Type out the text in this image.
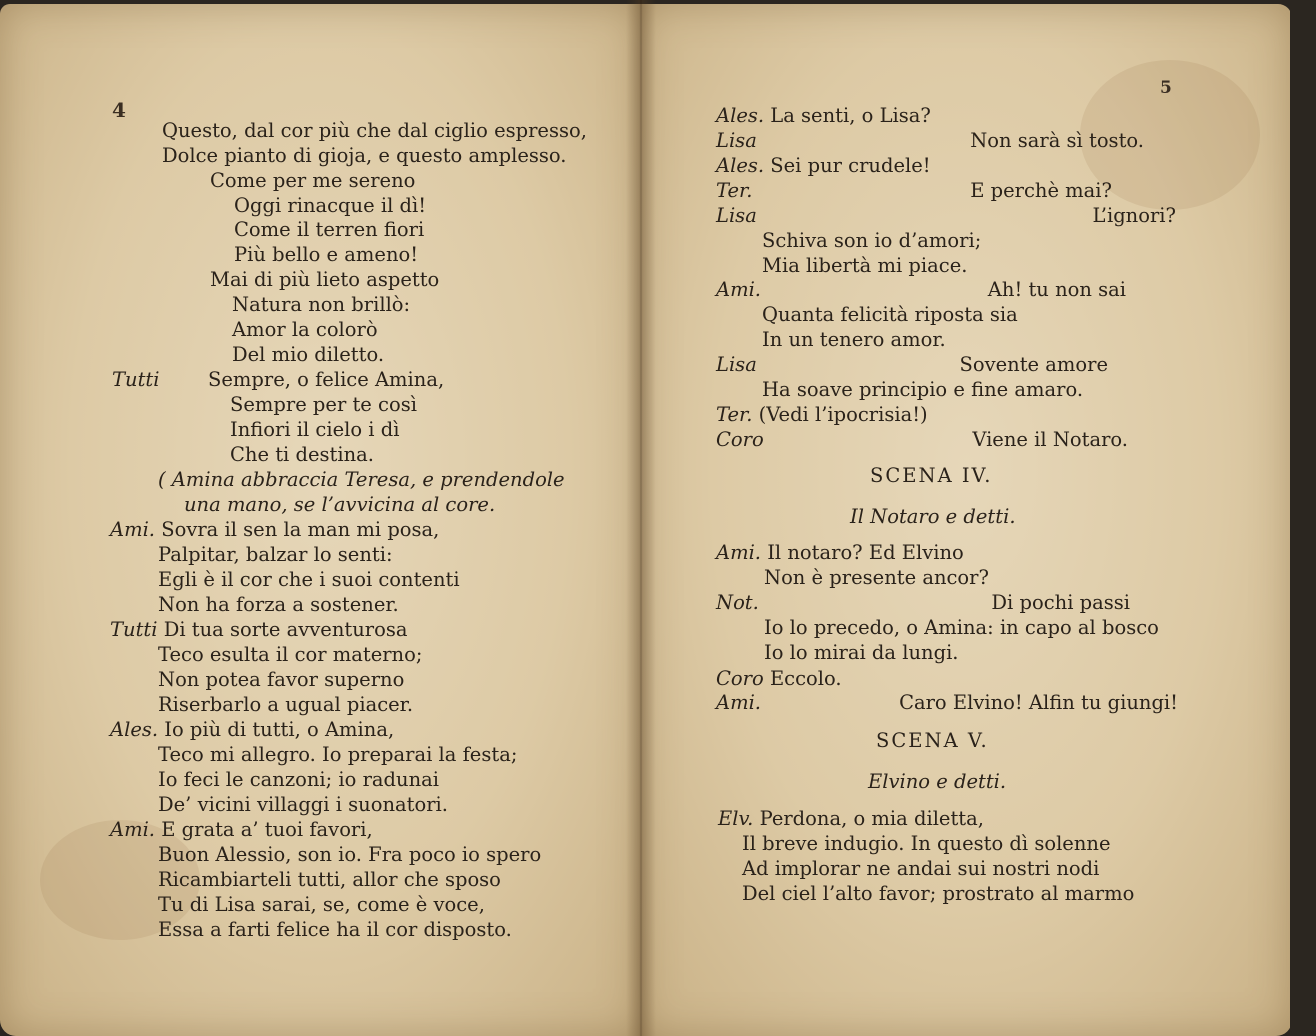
4
Questo, dal cor più che dal ciglio espresso,
Dolce pianto di gioja, e questo amplesso.
Come per me sereno
Oggi rinacque il dì!
Come il terren fiori
Più bello e ameno!
Mai di più lieto aspetto
Natura non brillò:
Amor la colorò
Del mio diletto.
Tutti Sempre, o felice Amina,
Sempre per te così
Infiori il cielo i dì
Che ti destina.
( Amina abbraccia Teresa, e prendendole
una mano, se l’avvicina al core.
Ami. Sovra il sen la man mi posa,
Palpitar, balzar lo senti:
Egli è il cor che i suoi contenti
Non ha forza a sostener.
Tutti Di tua sorte avventurosa
Teco esulta il cor materno;
Non potea favor superno
Riserbarlo a ugual piacer.
Ales. Io più di tutti, o Amina,
Teco mi allegro. Io preparai la festa;
Io feci le canzoni; io radunai
De’ vicini villaggi i suonatori.
Ami. E grata a’ tuoi favori,
Buon Alessio, son io. Fra poco io spero
Ricambiarteli tutti, allor che sposo
Tu di Lisa sarai, se, come è voce,
Essa a farti felice ha il cor disposto.
5
Ales. La senti, o Lisa?
Lisa	Non sarà sì tosto.
Ales. Sei pur crudele!
Ter.	E perchè mai?
Lisa	L’ignori?
Schiva son io d’amori;
Mia libertà mi piace.
Ami.	Ah! tu non sai
Quanta felicità riposta sia
In un tenero amor.
Lisa	Sovente amore
Ha soave principio e fine amaro.
Ter. (Vedi l’ipocrisia!)
Coro	Viene il Notaro.
SCENA IV.
Il Notaro e detti.
Ami. Il notaro? Ed Elvino
Non è presente ancor?
Not.	Di pochi passi
Io lo precedo, o Amina: in capo al bosco
Io lo mirai da lungi.
Coro Eccolo.
Ami.	Caro Elvino! Alfin tu giungi!
SCENA V.
Elvino e detti.
Elv. Perdona, o mia diletta,
Il breve indugio. In questo dì solenne
Ad implorar ne andai sui nostri nodi
Del ciel l’alto favor; prostrato al marmo
